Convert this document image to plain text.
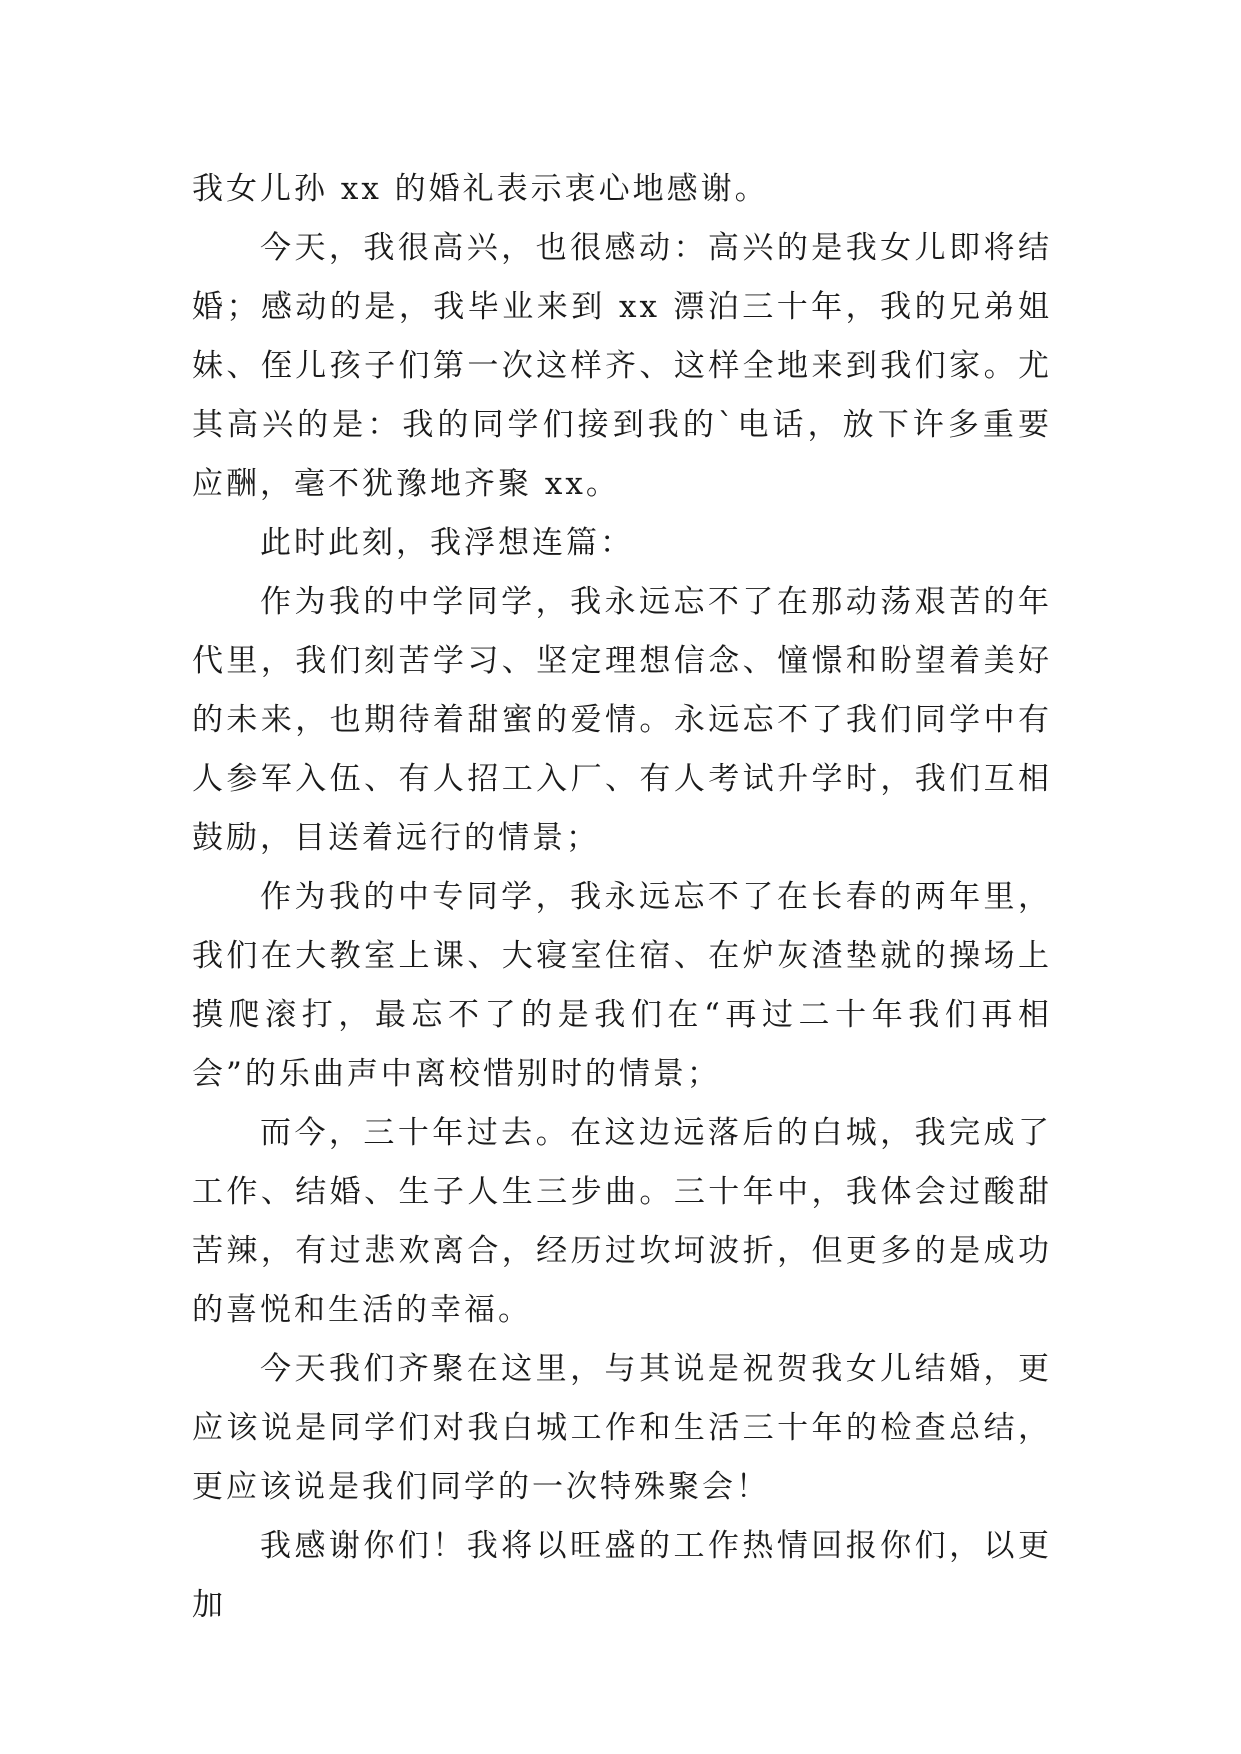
我女儿孙 xx 的婚礼表示衷心地感谢。

今天，我很高兴，也很感动：高兴的是我女儿即将结婚；感动的是，我毕业来到 xx 漂泊三十年，我的兄弟姐妹、侄儿孩子们第一次这样齐、这样全地来到我们家。尤其高兴的是：我的同学们接到我的`电话，放下许多重要应酬，毫不犹豫地齐聚 xx。

此时此刻，我浮想连篇：

作为我的中学同学，我永远忘不了在那动荡艰苦的年代里，我们刻苦学习、坚定理想信念、憧憬和盼望着美好的未来，也期待着甜蜜的爱情。永远忘不了我们同学中有人参军入伍、有人招工入厂、有人考试升学时，我们互相鼓励，目送着远行的情景；

作为我的中专同学，我永远忘不了在长春的两年里，我们在大教室上课、大寝室住宿、在炉灰渣垫就的操场上摸爬滚打，最忘不了的是我们在“再过二十年我们再相会”的乐曲声中离校惜别时的情景；

而今，三十年过去。在这边远落后的白城，我完成了工作、结婚、生子人生三步曲。三十年中，我体会过酸甜苦辣，有过悲欢离合，经历过坎坷波折，但更多的是成功的喜悦和生活的幸福。

今天我们齐聚在这里，与其说是祝贺我女儿结婚，更应该说是同学们对我白城工作和生活三十年的检查总结，更应该说是我们同学的一次特殊聚会！

我感谢你们！我将以旺盛的工作热情回报你们，以更加
